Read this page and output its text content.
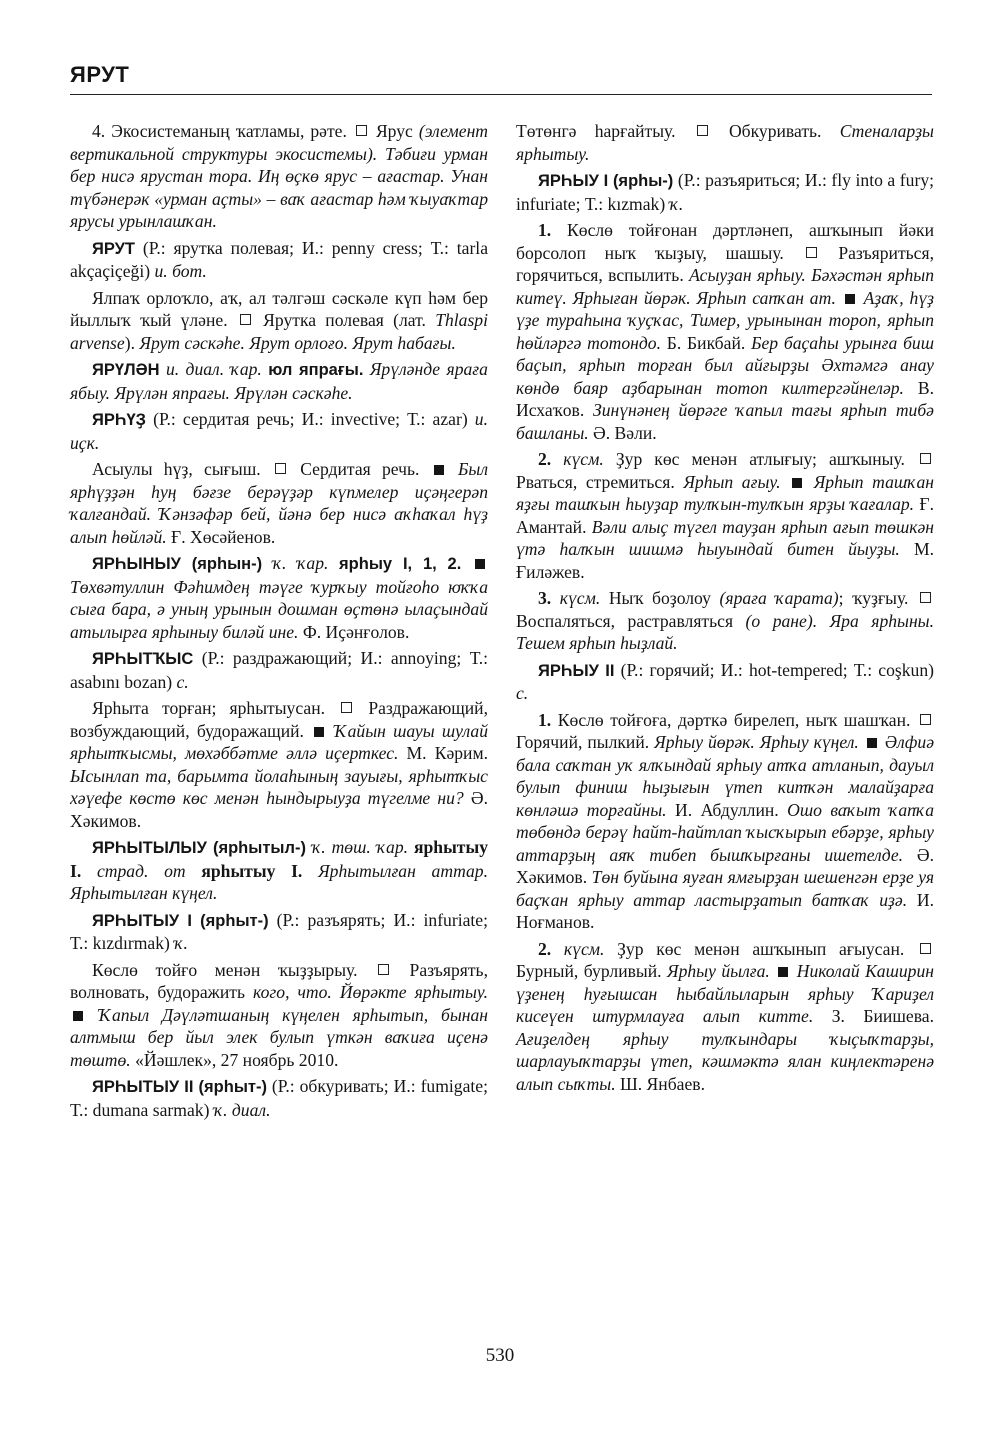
ЯРУТ

4. Экосистеманың ҡатламы, рәте.  Ярус (элемент вертикальной структуры экосистемы). Тәбиғи урман бер нисә ярустан тора. Иң өҫкө ярус – ағастар. Унан түбәнерәк «урман аҫты» – ваҡ ағастар һәм ҡыуаҡтар ярусы урынлашҡан.

ЯРУТ (Р.: ярутка полевая; И.: penny cress; Т.: tarla akçaçiçeği) и. бот.

Ялпаҡ орлоҡло, аҡ, ал тәлгәш сәскәле күп һәм бер йыллыҡ ҡый үләне.  Ярутка полевая (лат. Thlaspi arvense). Ярут сәскәһе. Ярут орлоғо. Ярут һабағы.

ЯРҮЛӘН и. диал. ҡар. юл япрағы. Ярүләнде яраға ябыу. Ярүлән япрағы. Ярүлән сәскәһе.

ЯРҺҮҘ (Р.: сердитая речь; И.: invective; Т.: azar) и. иҫк.

Асыулы һүҙ, сығыш.  Сердитая речь.  Был ярһүҙҙән һуң бәғзе берәүҙәр күпмелер иҫәңгерәп ҡалғандай. Ҡәнзәфәр бей, йәнә бер нисә аҡһаҡал һүҙ алып һөйләй. Ғ. Хөсәйенов.

ЯРҺЫНЫУ (ярһын-) ҡ. ҡар. ярһыу I, 1, 2.  Төхвәтуллин Фәһимдең тәүге ҡурҡыу тойғоһо юҡҡа сыға бара, ә уның урынын дошман өҫтөнә ылаҫындай атылырға ярһыныу биләй ине. Ф. Иҫәнғолов.

ЯРҺЫТҠЫС (Р.: раздражающий; И.: annoying; Т.: asabını bozan) с.

Ярһыта торған; ярһытыусан.  Раздражающий, возбуждающий, будоражащий.  Ҡайын шауы шулай ярһытҡысмы, мөхәббәтме әллә иҫерткес. М. Кәрим. Ысынлап та, барымта йолаһының зауығы, ярһытҡыс хәүефе көстө көс менән һындырыуҙа түгелме ни? Ә. Хәкимов.

ЯРҺЫТЫЛЫУ (ярһытыл-) ҡ. төш. ҡар. ярһытыу I. страд. от ярһытыу I. Ярһытылған аттар. Ярһытылған күңел.

ЯРҺЫТЫУ I (ярһыт-) (Р.: разъярять; И.: infuriate; Т.: kızdırmak) ҡ.

Көслө тойғо менән ҡыҙҙырыу.  Разъярять, волновать, будоражить кого, что. Йөрәкте ярһытыу.  Ҡапыл Дәүләтшаның күңелен ярһытып, бынан алтмыш бер йыл элек булып үткән ваҡиға иҫенә төштө. «Йәшлек», 27 ноябрь 2010.

ЯРҺЫТЫУ II (ярһыт-) (Р.: обкуривать; И.: fumigate; Т.: dumana sarmak) ҡ. диал.

Төтөнгә һарғайтыу.  Обкуривать. Стеналарҙы ярһытыу.

ЯРҺЫУ I (ярһы-) (Р.: разъяриться; И.: fly into a fury; infuriate; Т.: kızmak) ҡ.

1. Көслө тойғонан дәртләнеп, ашҡынып йәки борсолоп ныҡ ҡыҙыу, шашыу.  Разъяриться, горячиться, вспылить. Асыуҙан ярһыу. Бәхәстән ярһып китеү. Ярһыған йөрәк. Ярһып сапҡан ат. Аҙаҡ, һүҙ үҙе тураһына ҡуҫҡас, Тимер, урынынан тороп, ярһып һөйләргә тотондо. Б. Бикбай. Бер баҫаһы урынға биш баҫып, ярһып торған был айғырҙы Әхтәмгә анау көндө баяр аҙбарынан тотоп килтергәйнеләр. В. Исхаҡов. Зинүнәнең йөрәге ҡапыл тағы ярһып тибә башланы. Ә. Вәли.

2. күсм. Ҙур көс менән атлығыу; ашҡыныу.  Рваться, стремиться. Ярһып ағыу. Ярһып ташҡан яҙғы ташҡын һыуҙар тулҡын-тулҡын ярҙы ҡағалар. Ғ. Амантай. Вәли алыҫ түгел тауҙан ярһып ағып төшкән үтә һалҡын шишмә һыуындай битен йыуҙы. М. Ғиләжев.

3. күсм. Ныҡ боҙолоу (яраға ҡарата); ҡуҙғыу.  Воспаляться, растравляться (о ране). Яра ярһыны. Тешем ярһып һыҙлай.

ЯРҺЫУ II (Р.: горячий; И.: hot-tempered; Т.: coşkun) с.

1. Көслө тойғоға, дәрткә бирелеп, ныҡ шашҡан.  Горячий, пылкий. Ярһыу йөрәк. Ярһыу күңел. Әлфиә бала саҡтан уҡ ялҡындай ярһыу атҡа атланып, дауыл булып финиш һыҙығын үтеп китҡән малайҙарға көнләшә торғайны. И. Абдуллин. Ошо ваҡыт ҡапҡа төбөндә берәү һайт-һайтлап ҡысҡырып ебәрҙе, ярһыу аттарҙың аяҡ тибеп бышҡырғаны ишетелде. Ә. Хәкимов. Төн буйына яуған ямғырҙан шешенгән ерҙе уя баҫҡан ярһыу аттар ластырҙатып батҡаҡ иҙә. И. Ноғманов.

2. күсм. Ҙур көс менән ашҡынып ағыусан.  Бурный, бурливый. Ярһыу йылға. Николай Каширин үҙенең һуғышсан һыбайлыларын ярһыу Ҡариҙел кисеүен штурмлауға алып китте. З. Биишева. Ағиҙелдең ярһыу тулҡындары ҡыҫыҡтарҙы, шарлауыҡтарҙы үтеп, кәшмәктә ялан киңлектәренә алып сыҡты. Ш. Янбаев.

530
